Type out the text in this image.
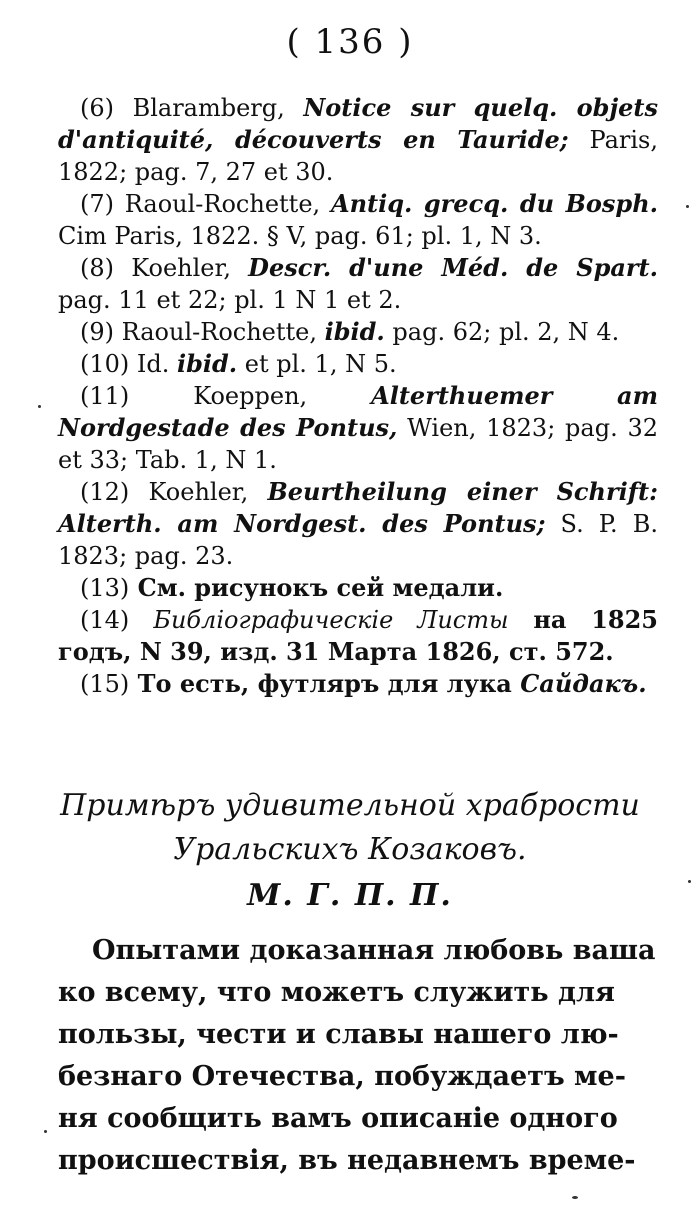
( 136 )

(6) Blaramberg, Notice sur quelq. objets d'antiquité, découverts en Tauride; Paris, 1822; pag. 7, 27 et 30.

(7) Raoul-Rochette, Antiq. grecq. du Bosph. Cim Paris, 1822. § V, pag. 61; pl. 1, N 3.

(8) Koehler, Descr. d'une Méd. de Spart. pag. 11 et 22; pl. 1 N 1 et 2.

(9) Raoul-Rochette, ibid. pag. 62; pl. 2, N 4.

(10) Id. ibid. et pl. 1, N 5.

(11) Koeppen, Alterthuemer am Nordgestade des Pontus, Wien, 1823; pag. 32 et 33; Tab. 1, N 1.

(12) Koehler, Beurtheilung einer Schrift: Alterth. am Nordgest. des Pontus; S. P. B. 1823; pag. 23.

(13) См. рисунокъ сей медали.

(14) Библіографическіе Листы на 1825 годъ, N 39, изд. 31 Марта 1826, ст. 572.

(15) То есть, футляръ для лука Сайдакъ.

Примѣръ удивительной храбрости
Уральскихъ Козаковъ.
М. Г. П. П.
Опытами доказанная любовь ваша
ко всему, что можетъ служить для
пользы, чести и славы нашего лю-
безнаго Отечества, побуждаетъ ме-
ня сообщить вамъ описаніе одного
происшествія, въ недавнемъ време-
